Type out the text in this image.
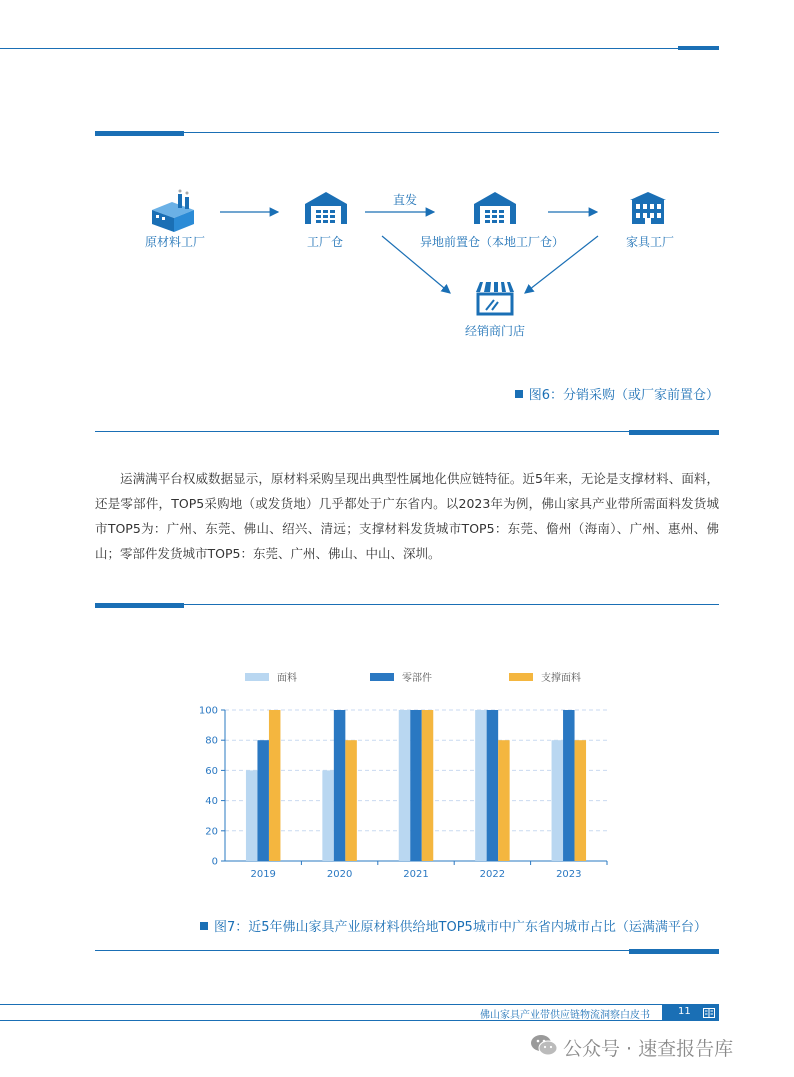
原材料工厂	工厂仓	异地前置仓（本地工厂仓）	家具工厂
经销商门店
直发
图6：分销采购（或厂家前置仓）
运满满平台权威数据显示，原材料采购呈现出典型性属地化供应链特征。近5年来，无论是支撑材料、面料，还是零部件，TOP5采购地（或发货地）几乎都处于广东省内。以2023年为例，佛山家具产业带所需面料发货城市TOP5为：广州、东莞、佛山、绍兴、清远；支撑材料发货城市TOP5：东莞、儋州（海南）、广州、惠州、佛山；零部件发货城市TOP5：东莞、广州、佛山、中山、深圳。
面料	零部件	支撑面料
0
20
40
60
80
100
2019	2020	2021	2022	2023
图7：近5年佛山家具产业原材料供给地TOP5城市中广东省内城市占比（运满满平台）
佛山家具产业带供应链物流洞察白皮书	11
公众号 · 速查报告库
